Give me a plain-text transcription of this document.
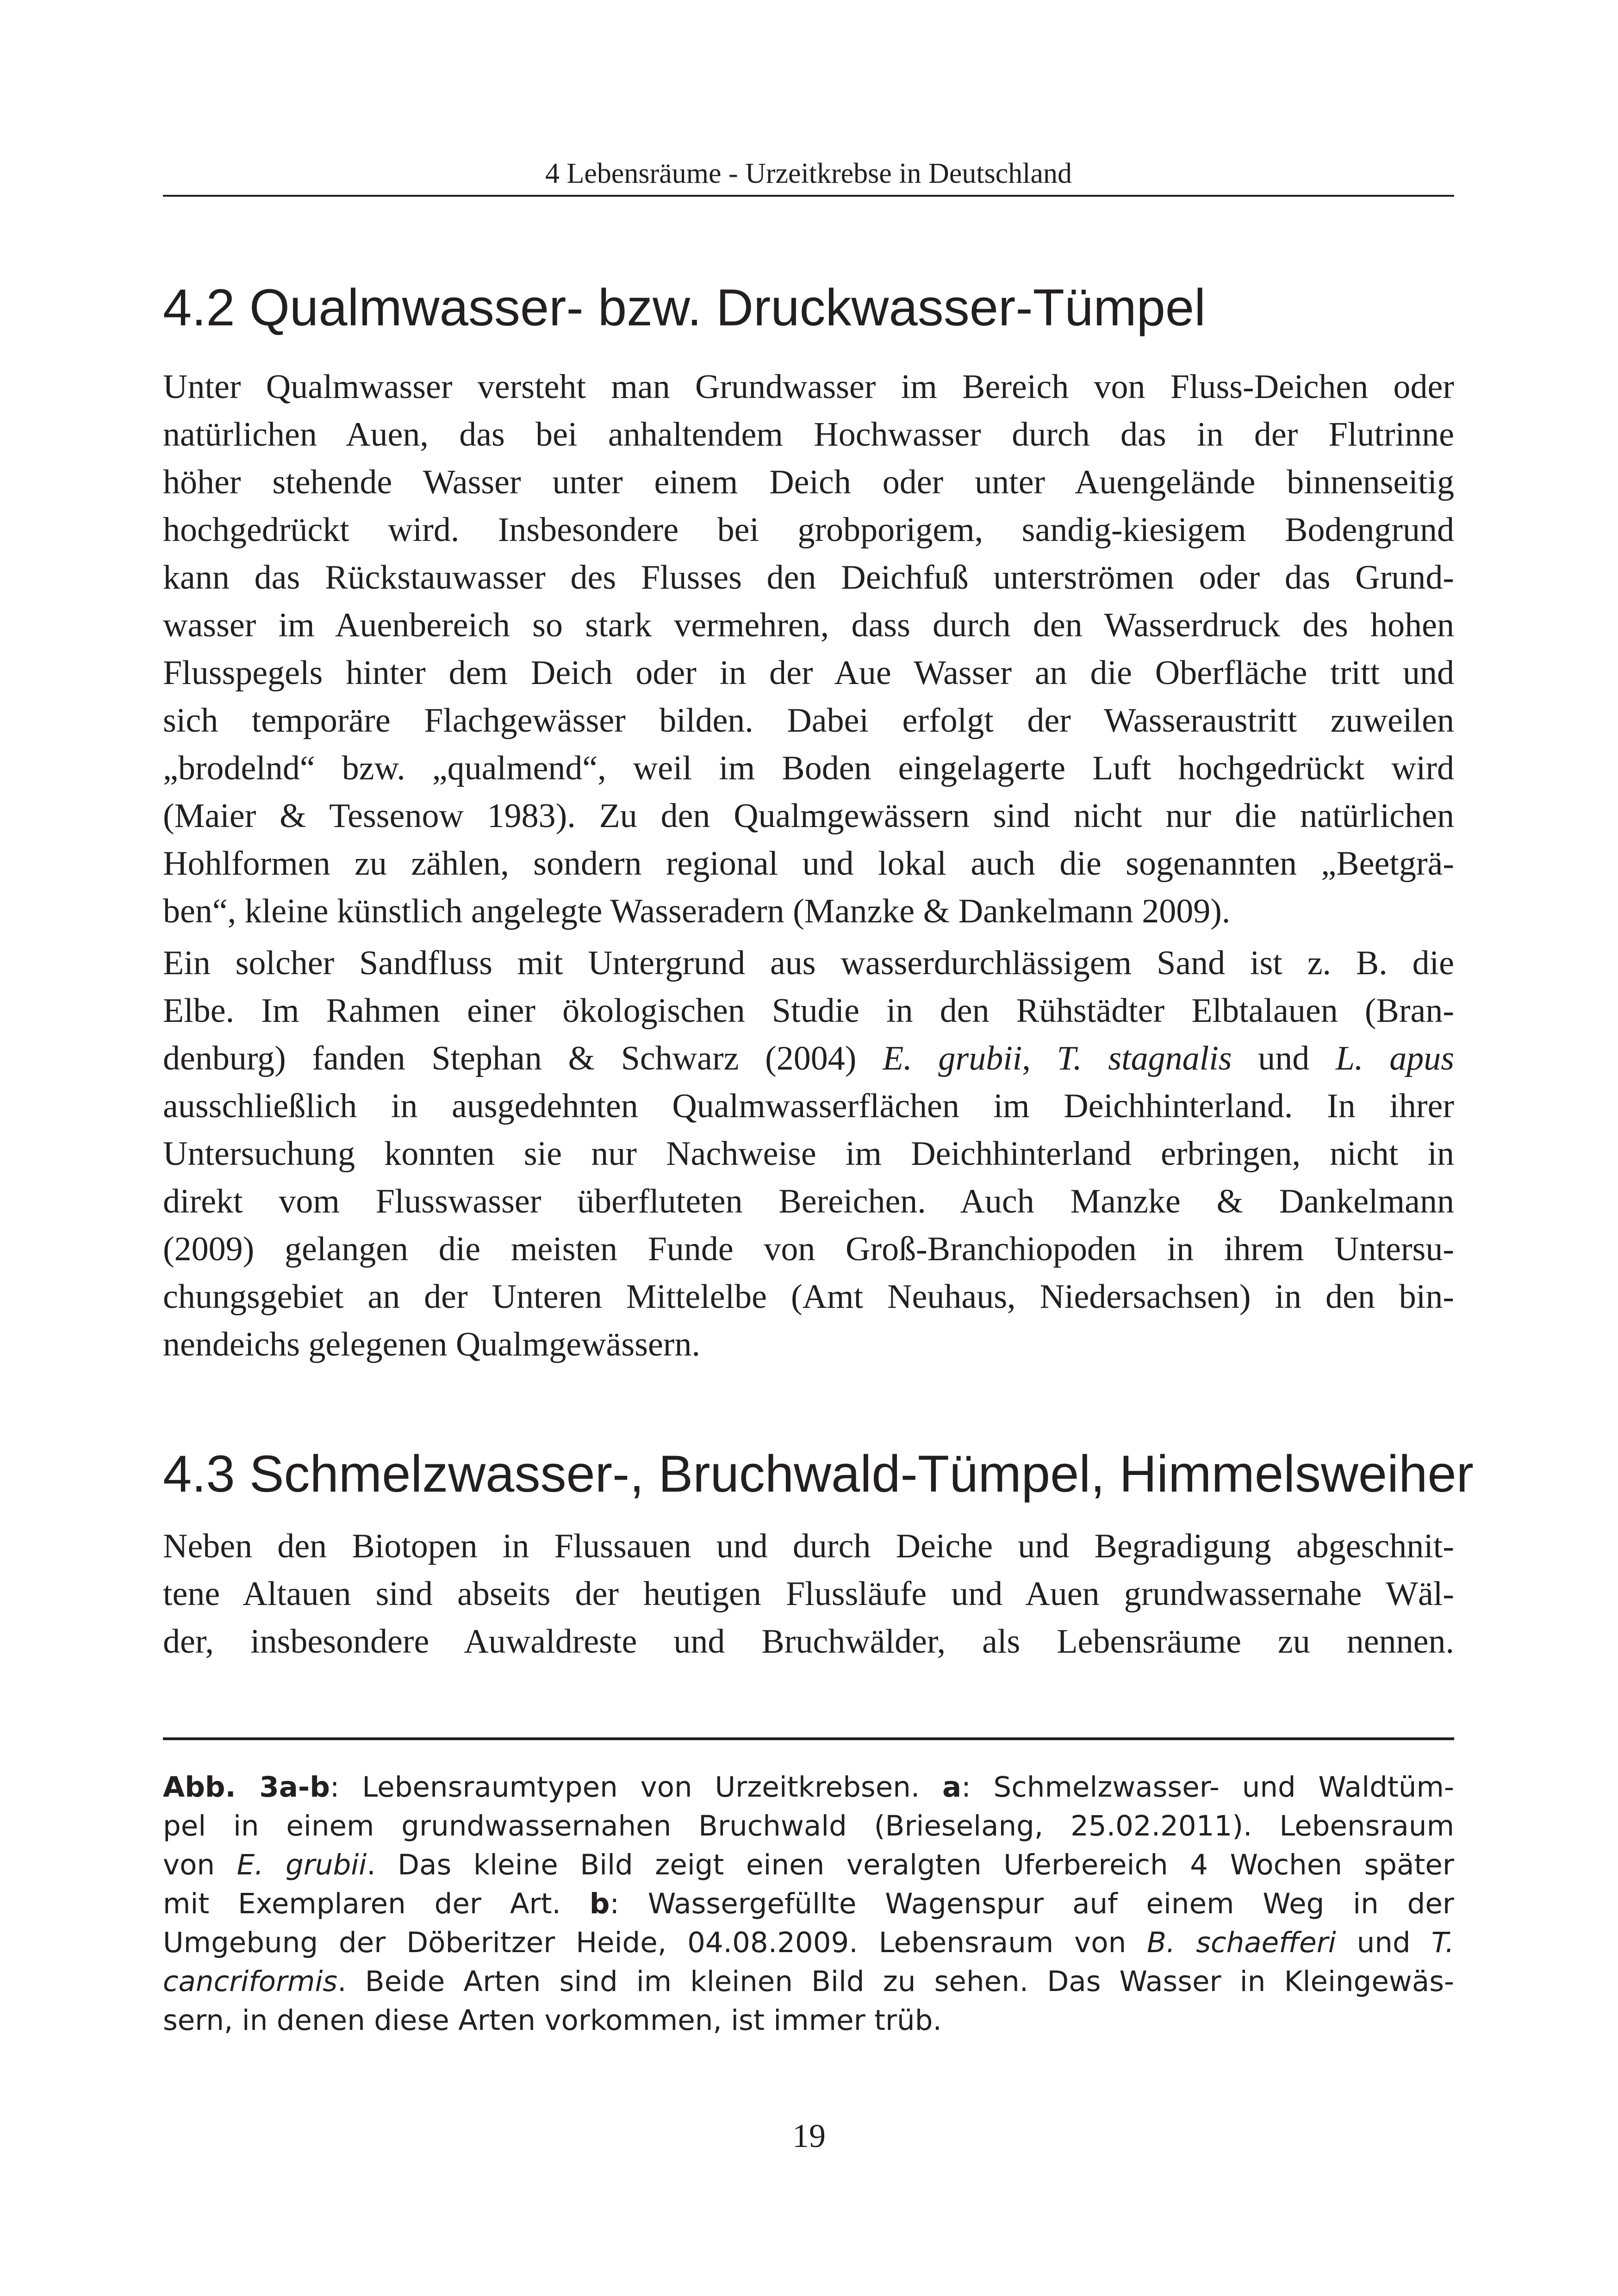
4 Lebensräume - Urzeitkrebse in Deutschland
4.2 Qualmwasser- bzw. Druckwasser-Tümpel

Unter Qualmwasser versteht man Grundwasser im Bereich von Fluss-Deichen oder
natürlichen Auen, das bei anhaltendem Hochwasser durch das in der Flutrinne
höher stehende Wasser unter einem Deich oder unter Auengelände binnenseitig
hochgedrückt wird. Insbesondere bei grobporigem, sandig-kiesigem Bodengrund
kann das Rückstauwasser des Flusses den Deichfuß unterströmen oder das Grund-
wasser im Auenbereich so stark vermehren, dass durch den Wasserdruck des hohen
Flusspegels hinter dem Deich oder in der Aue Wasser an die Oberfläche tritt und
sich temporäre Flachgewässer bilden. Dabei erfolgt der Wasseraustritt zuweilen
„brodelnd“ bzw. „qualmend“, weil im Boden eingelagerte Luft hochgedrückt wird
(Maier & Tessenow 1983). Zu den Qualmgewässern sind nicht nur die natürlichen
Hohlformen zu zählen, sondern regional und lokal auch die sogenannten „Beetgrä-
ben“, kleine künstlich angelegte Wasseradern (Manzke & Dankelmann 2009).

Ein solcher Sandfluss mit Untergrund aus wasserdurchlässigem Sand ist z. B. die
Elbe. Im Rahmen einer ökologischen Studie in den Rühstädter Elbtalauen (Bran-
denburg) fanden Stephan & Schwarz (2004) E. grubii, T. stagnalis und L. apus
ausschließlich in ausgedehnten Qualmwasserflächen im Deichhinterland. In ihrer
Untersuchung konnten sie nur Nachweise im Deichhinterland erbringen, nicht in
direkt vom Flusswasser überfluteten Bereichen. Auch Manzke & Dankelmann
(2009) gelangen die meisten Funde von Groß-Branchiopoden in ihrem Untersu-
chungsgebiet an der Unteren Mittelelbe (Amt Neuhaus, Niedersachsen) in den bin-
nendeichs gelegenen Qualmgewässern.

4.3 Schmelzwasser-, Bruchwald-Tümpel, Himmelsweiher

Neben den Biotopen in Flussauen und durch Deiche und Begradigung abgeschnit-
tene Altauen sind abseits der heutigen Flussläufe und Auen grundwassernahe Wäl-
der, insbesondere Auwaldreste und Bruchwälder, als Lebensräume zu nennen.

Abb. 3a-b: Lebensraumtypen von Urzeitkrebsen. a: Schmelzwasser- und Waldtüm-
pel in einem grundwassernahen Bruchwald (Brieselang, 25.02.2011). Lebensraum
von E. grubii. Das kleine Bild zeigt einen veralgten Uferbereich 4 Wochen später
mit Exemplaren der Art. b: Wassergefüllte Wagenspur auf einem Weg in der
Umgebung der Döberitzer Heide, 04.08.2009. Lebensraum von B. schaefferi und T.
cancriformis. Beide Arten sind im kleinen Bild zu sehen. Das Wasser in Kleingewäs-
sern, in denen diese Arten vorkommen, ist immer trüb.
19
